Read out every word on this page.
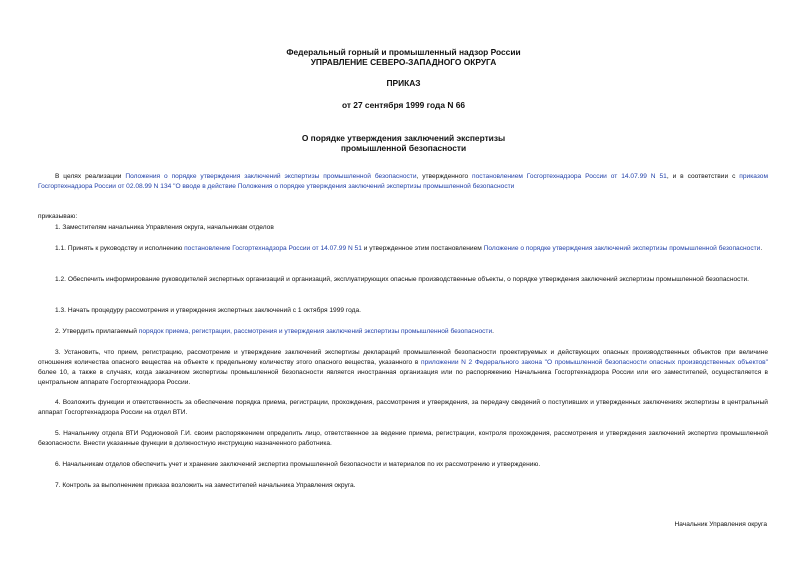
Федеральный горный и промышленный надзор России
УПРАВЛЕНИЕ СЕВЕРО-ЗАПАДНОГО ОКРУГА
ПРИКАЗ
от 27 сентября 1999 года N 66
О порядке утверждения заключений экспертизы
промышленной безопасности
В целях реализации Положения о порядке утверждения заключений экспертизы промышленной безопасности, утвержденного постановлением Госгортехнадзора России от 14.07.99 N 51, и в соответствии с приказом Госгортехнадзора России от 02.08.99 N 134 "О вводе в действие Положения о порядке утверждения заключений экспертизы промышленной безопасности
приказываю:
1. Заместителям начальника Управления округа, начальникам отделов
1.1. Принять к руководству и исполнению постановление Госгортехнадзора России от 14.07.99 N 51 и утвержденное этим постановлением Положение о порядке утверждения заключений экспертизы промышленной безопасности.
1.2. Обеспечить информирование руководителей экспертных организаций и организаций, эксплуатирующих опасные производственные объекты, о порядке утверждения заключений экспертизы промышленной безопасности.
1.3. Начать процедуру рассмотрения и утверждения экспертных заключений с 1 октября 1999 года.
2. Утвердить прилагаемый порядок приема, регистрации, рассмотрения и утверждения заключений экспертизы промышленной безопасности.
3. Установить, что прием, регистрацию, рассмотрение и утверждение заключений экспертизы деклараций промышленной безопасности проектируемых и действующих опасных производственных объектов при величине отношения количества опасного вещества на объекте к предельному количеству этого опасного вещества, указанного в приложении N 2 Федерального закона "О промышленной безопасности опасных производственных объектов" более 10, а также в случаях, когда заказчиком экспертизы промышленной безопасности является иностранная организация или по распоряжению Начальника Госгортехнадзора России или его заместителей, осуществляется в центральном аппарате Госгортехнадзора России.
4. Возложить функции и ответственность за обеспечение порядка приема, регистрации, прохождения, рассмотрения и утверждения, за передачу сведений о поступивших и утвержденных заключениях экспертизы в центральный аппарат Госгортехнадзора России на отдел ВТИ.
5. Начальнику отдела ВТИ Родионовой Г.И. своим распоряжением определить лицо, ответственное за ведение приема, регистрации, контроля прохождения, рассмотрения и утверждения заключений экспертиз промышленной безопасности. Внести указанные функции в должностную инструкцию назначенного работника.
6. Начальникам отделов обеспечить учет и хранение заключений экспертиз промышленной безопасности и материалов по их рассмотрению и утверждению.
7. Контроль за выполнением приказа возложить на заместителей начальника Управления округа.
Начальник Управления округа
